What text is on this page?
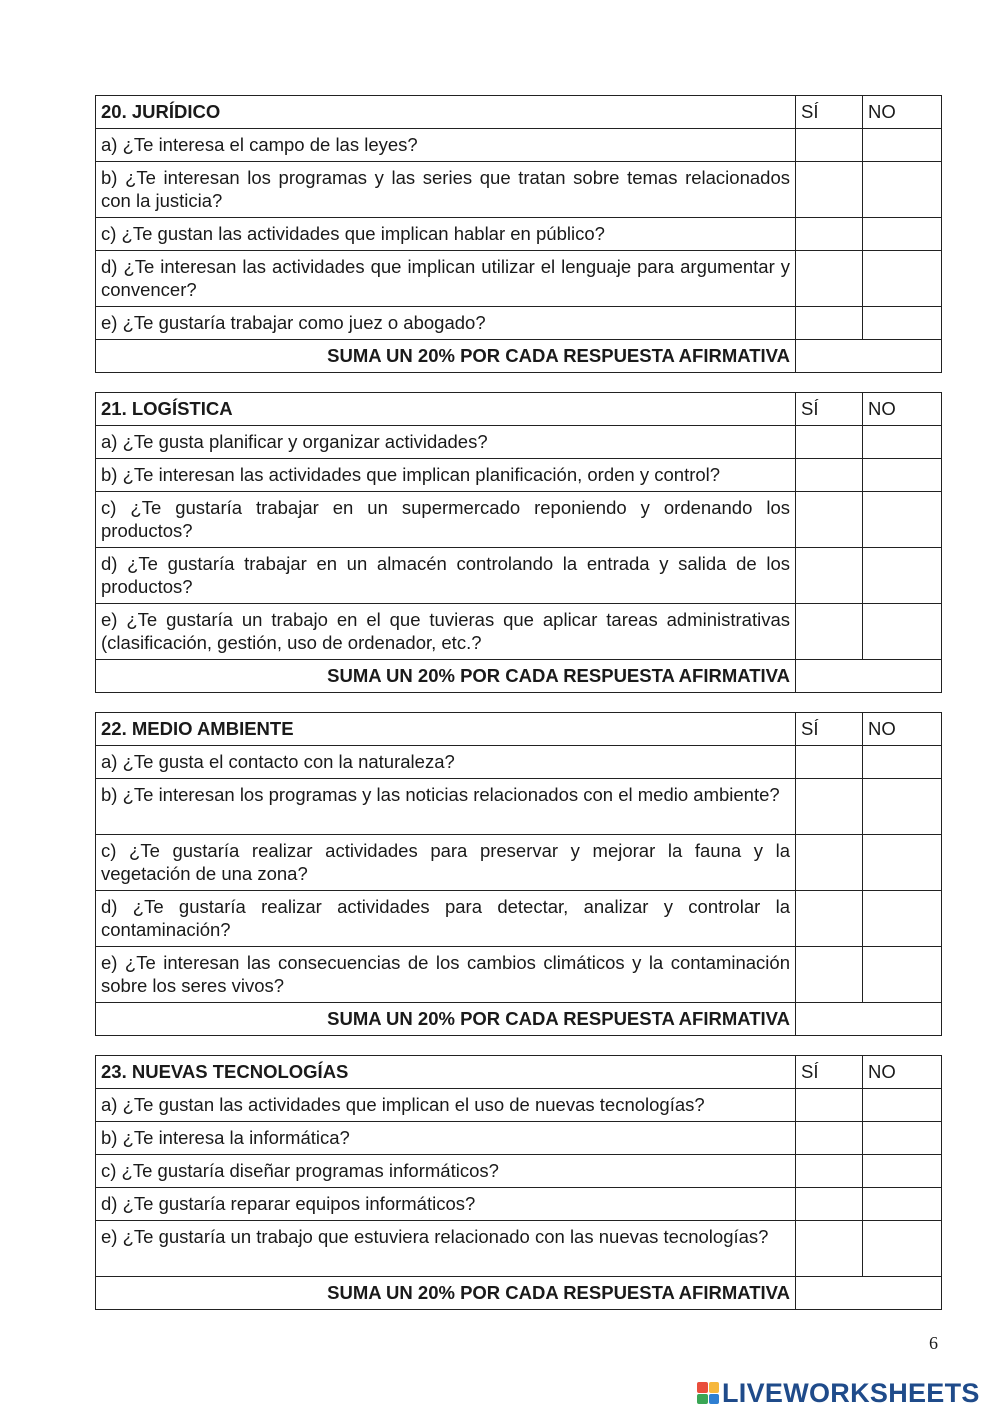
20. JURÍDICO	SÍ	NO
a) ¿Te interesa el campo de las leyes?		
b) ¿Te interesan los programas y las series que tratan sobre temas relacionados con la justicia?		
c) ¿Te gustan las actividades que implican hablar en público?		
d) ¿Te interesan las actividades que implican utilizar el lenguaje para argumentar y convencer?		
e) ¿Te gustaría trabajar como juez o abogado?		
SUMA UN 20% POR CADA RESPUESTA AFIRMATIVA		
21. LOGÍSTICA	SÍ	NO
a) ¿Te gusta planificar y organizar actividades?		
b) ¿Te interesan las actividades que implican planificación, orden y control?		
c) ¿Te gustaría trabajar en un supermercado reponiendo y ordenando los productos?		
d) ¿Te gustaría trabajar en un almacén controlando la entrada y salida de los productos?		
e) ¿Te gustaría un trabajo en el que tuvieras que aplicar tareas administrativas (clasificación, gestión, uso de ordenador, etc.?		
SUMA UN 20% POR CADA RESPUESTA AFIRMATIVA		
22. MEDIO AMBIENTE	SÍ	NO
a) ¿Te gusta el contacto con la naturaleza?		
b) ¿Te interesan los programas y las noticias relacionados con el medio ambiente?		
c) ¿Te gustaría realizar actividades para preservar y mejorar la fauna y la vegetación de una zona?		
d) ¿Te gustaría realizar actividades para detectar, analizar y controlar la contaminación?		
e) ¿Te interesan las consecuencias de los cambios climáticos y la contaminación sobre los seres vivos?		
SUMA UN 20% POR CADA RESPUESTA AFIRMATIVA		
23. NUEVAS TECNOLOGÍAS	SÍ	NO
a) ¿Te gustan las actividades que implican el uso de nuevas tecnologías?		
b) ¿Te interesa la informática?		
c) ¿Te gustaría diseñar programas informáticos?		
d) ¿Te gustaría reparar equipos informáticos?		
e) ¿Te gustaría un trabajo que estuviera relacionado con las nuevas tecnologías?		
SUMA UN 20% POR CADA RESPUESTA AFIRMATIVA		
6
LIVEWORKSHEETS
